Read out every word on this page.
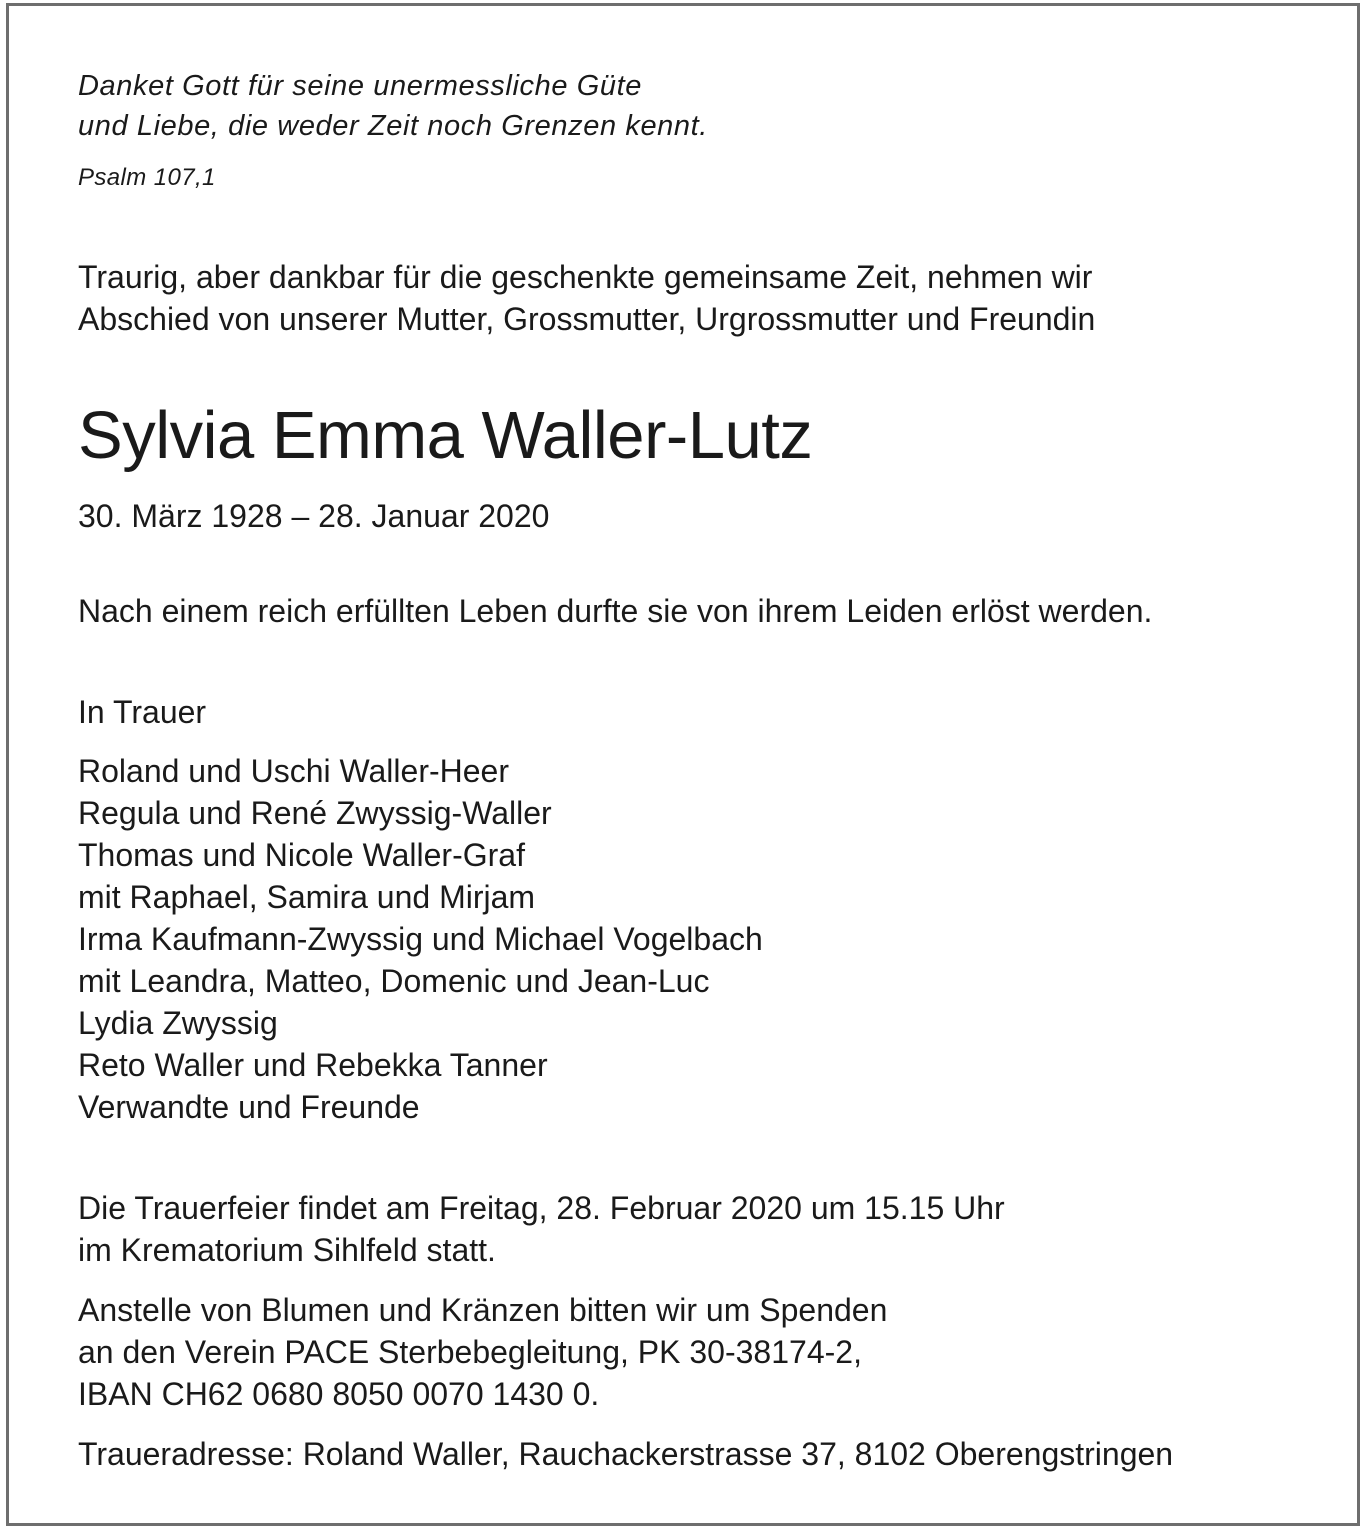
Danket Gott für seine unermessliche Güte
und Liebe, die weder Zeit noch Grenzen kennt.

Psalm 107,1

Traurig, aber dankbar für die geschenkte gemeinsame Zeit, nehmen wir
Abschied von unserer Mutter, Grossmutter, Urgrossmutter und Freundin

Sylvia Emma Waller-Lutz

30. März 1928 – 28. Januar 2020

Nach einem reich erfüllten Leben durfte sie von ihrem Leiden erlöst werden.

In Trauer

Roland und Uschi Waller-Heer
Regula und René Zwyssig-Waller
Thomas und Nicole Waller-Graf
mit Raphael, Samira und Mirjam
Irma Kaufmann-Zwyssig und Michael Vogelbach
mit Leandra, Matteo, Domenic und Jean-Luc
Lydia Zwyssig
Reto Waller und Rebekka Tanner
Verwandte und Freunde

Die Trauerfeier findet am Freitag, 28. Februar 2020 um 15.15 Uhr
im Krematorium Sihlfeld statt.

Anstelle von Blumen und Kränzen bitten wir um Spenden
an den Verein PACE Sterbebegleitung, PK 30-38174-2,
IBAN CH62 0680 8050 0070 1430 0.

Traueradresse: Roland Waller, Rauchackerstrasse 37, 8102 Oberengstringen
